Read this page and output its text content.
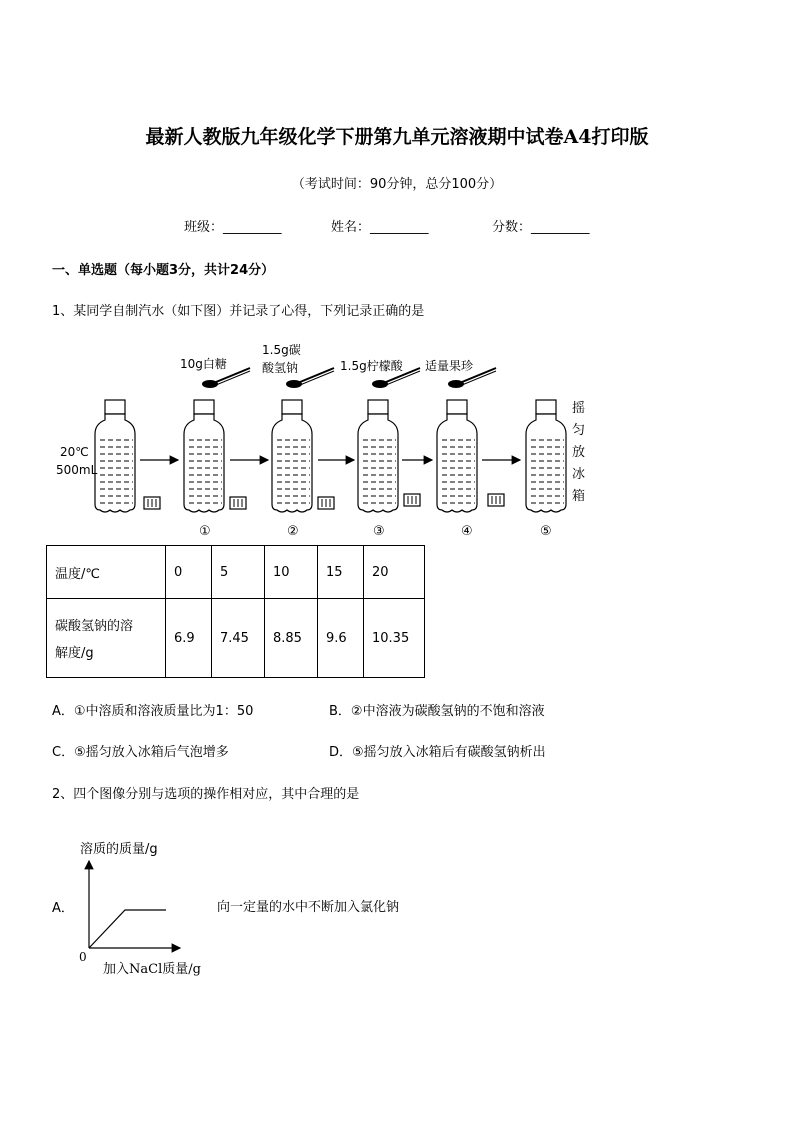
最新人教版九年级化学下册第九单元溶液期中试卷A4打印版
（考试时间：90分钟，总分100分）
班级：_________	姓名：_________	分数：_________
一、单选题（每小题3分，共计24分）
1、某同学自制汽水（如下图）并记录了心得，下列记录正确的是
20℃
500mL
10g白糖
1.5g碳
酸氢钠	1.5g柠檬酸 适量果珍
摇
匀
放
冰
箱
①	②	③	④	⑤
温度/℃	0	5	10	15	20

碳酸氢钠的溶
解度/g	6.9	7.45	8.85	9.6	10.35
A．①中溶质和溶液质量比为1：50	B．②中溶液为碳酸氢钠的不饱和溶液
C．⑤摇匀放入冰箱后气泡增多	D．⑤摇匀放入冰箱后有碳酸氢钠析出
2、四个图像分别与选项的操作相对应，其中合理的是
A．
溶质的质量/g
加入NaCl质量/g
0
向一定量的水中不断加入氯化钠
